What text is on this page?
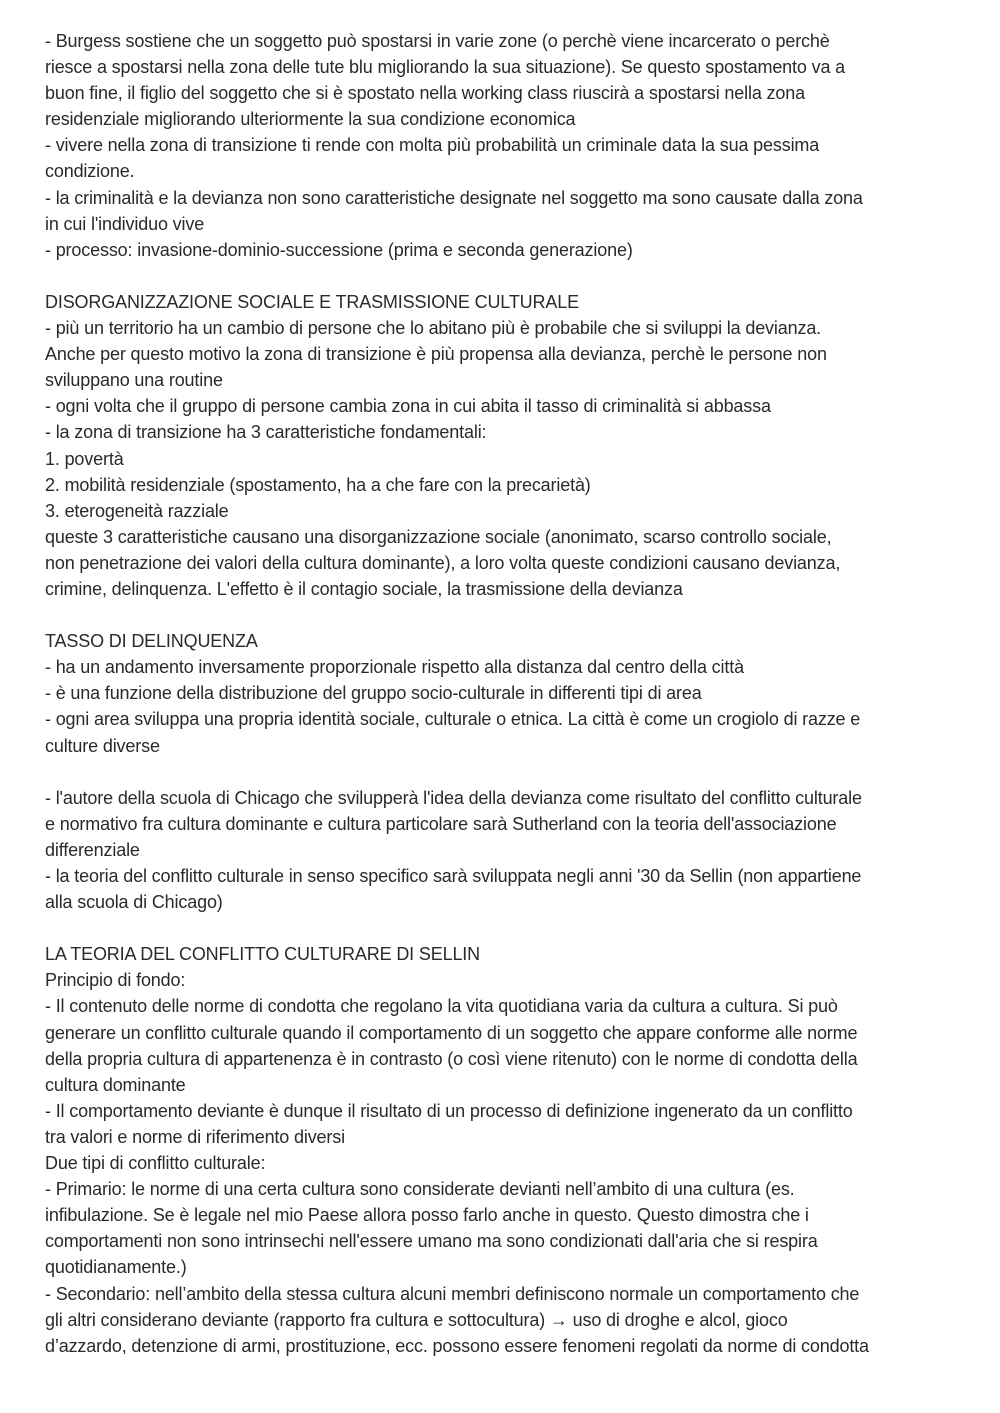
- Burgess sostiene che un soggetto può spostarsi in varie zone (o perchè viene incarcerato o perchè
riesce a spostarsi nella zona delle tute blu migliorando la sua situazione). Se questo spostamento va a
buon fine, il figlio del soggetto che si è spostato nella working class riuscirà a spostarsi nella zona
residenziale migliorando ulteriormente la sua condizione economica
- vivere nella zona di transizione ti rende con molta più probabilità un criminale data la sua pessima
condizione.
- la criminalità e la devianza non sono caratteristiche designate nel soggetto ma sono causate dalla zona
in cui l'individuo vive
- processo: invasione-dominio-successione (prima e seconda generazione)
DISORGANIZZAZIONE SOCIALE E TRASMISSIONE CULTURALE
- più un territorio ha un cambio di persone che lo abitano più è probabile che si sviluppi la devianza.
Anche per questo motivo la zona di transizione è più propensa alla devianza, perchè le persone non
sviluppano una routine
- ogni volta che il gruppo di persone cambia zona in cui abita il tasso di criminalità si abbassa
- la zona di transizione ha 3 caratteristiche fondamentali:
1. povertà
2. mobilità residenziale (spostamento, ha a che fare con la precarietà)
3. eterogeneità razziale
queste 3 caratteristiche causano una disorganizzazione sociale (anonimato, scarso controllo sociale,
non penetrazione dei valori della cultura dominante), a loro volta queste condizioni causano devianza,
crimine, delinquenza. L'effetto è il contagio sociale, la trasmissione della devianza
TASSO DI DELINQUENZA
- ha un andamento inversamente proporzionale rispetto alla distanza dal centro della città
- è una funzione della distribuzione del gruppo socio-culturale in differenti tipi di area
- ogni area sviluppa una propria identità sociale, culturale o etnica. La città è come un crogiolo di razze e
culture diverse
- l'autore della scuola di Chicago che svilupperà l'idea della devianza come risultato del conflitto culturale
e normativo fra cultura dominante e cultura particolare sarà Sutherland con la teoria dell'associazione
differenziale
- la teoria del conflitto culturale in senso specifico sarà sviluppata negli anni '30 da Sellin (non appartiene
alla scuola di Chicago)
LA TEORIA DEL CONFLITTO CULTURARE DI SELLIN
Principio di fondo:
- Il contenuto delle norme di condotta che regolano la vita quotidiana varia da cultura a cultura. Si può
generare un conflitto culturale quando il comportamento di un soggetto che appare conforme alle norme
della propria cultura di appartenenza è in contrasto (o così viene ritenuto) con le norme di condotta della
cultura dominante
- Il comportamento deviante è dunque il risultato di un processo di definizione ingenerato da un conflitto
tra valori e norme di riferimento diversi
Due tipi di conflitto culturale:
- Primario: le norme di una certa cultura sono considerate devianti nell’ambito di una cultura (es.
infibulazione. Se è legale nel mio Paese allora posso farlo anche in questo. Questo dimostra che i
comportamenti non sono intrinsechi nell'essere umano ma sono condizionati dall'aria che si respira
quotidianamente.)
- Secondario: nell’ambito della stessa cultura alcuni membri definiscono normale un comportamento che
gli altri considerano deviante (rapporto fra cultura e sottocultura) → uso di droghe e alcol, gioco
d’azzardo, detenzione di armi, prostituzione, ecc. possono essere fenomeni regolati da norme di condotta
